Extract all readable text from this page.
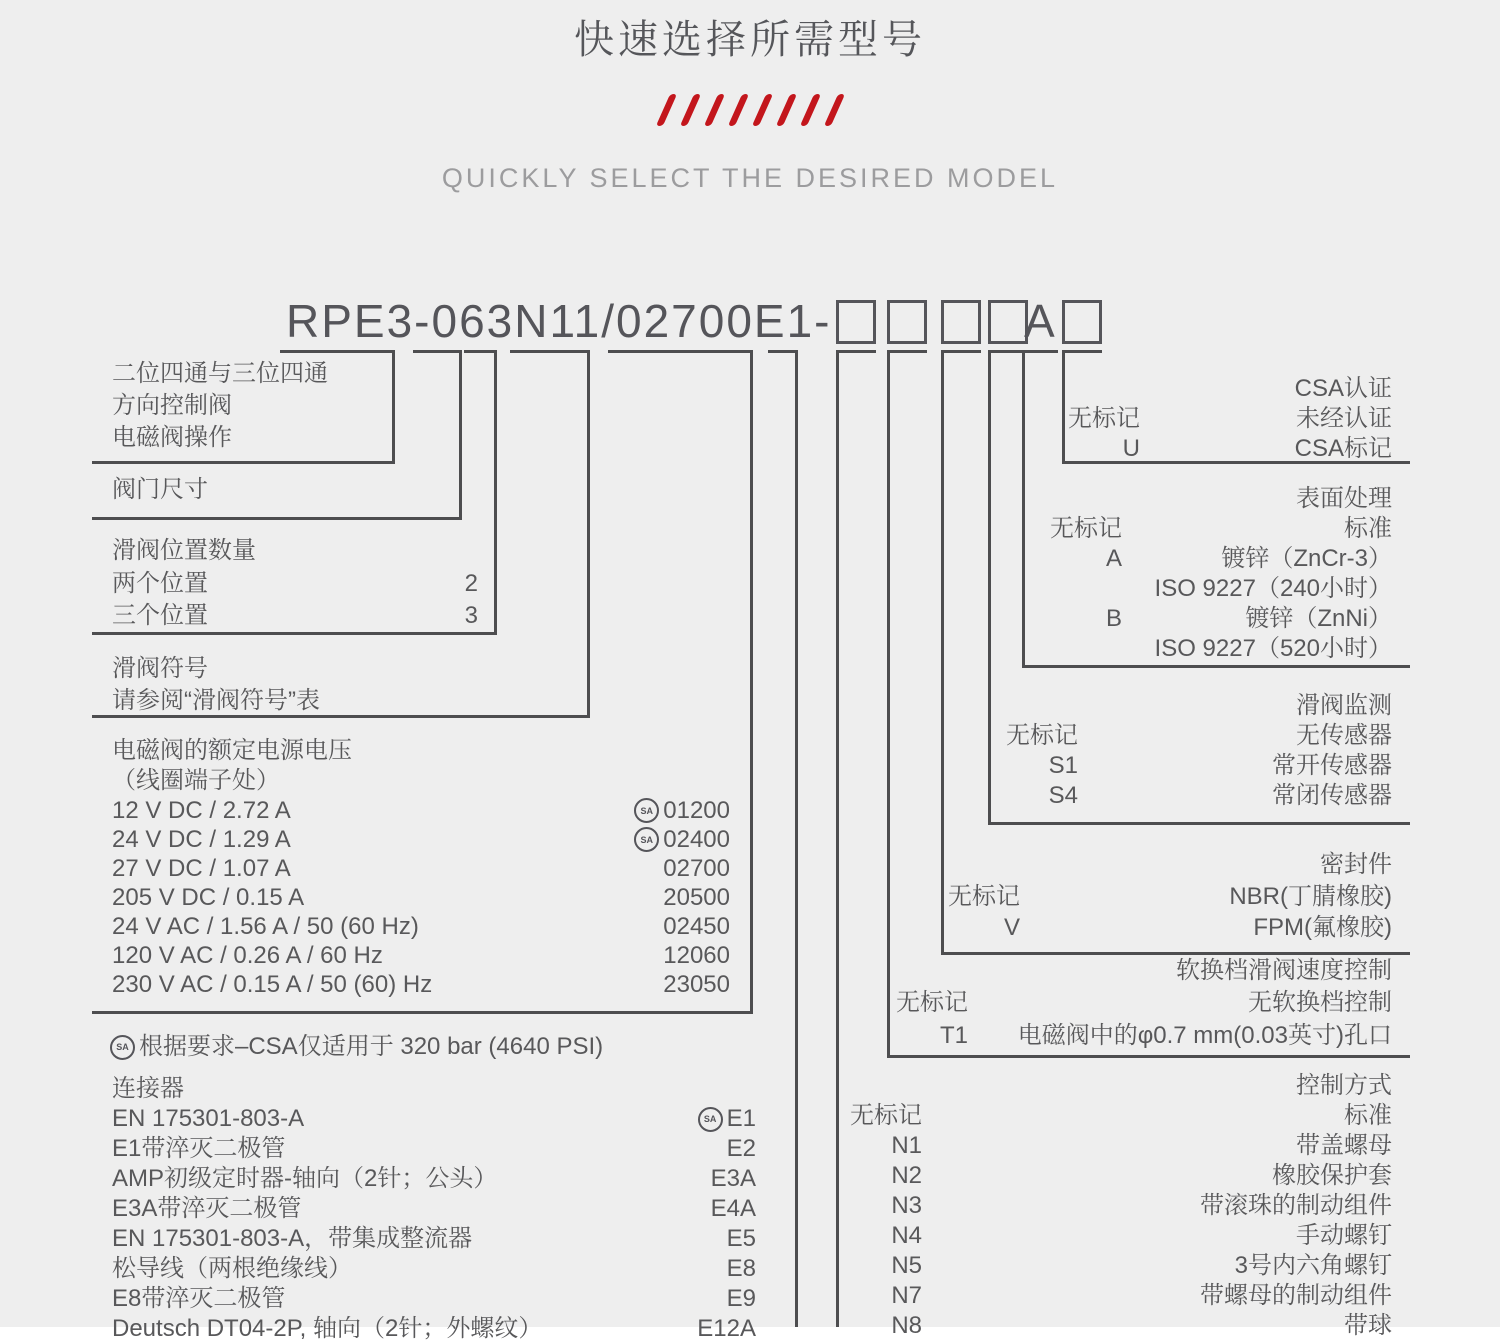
快速选择所需型号
QUICKLY SELECT THE DESIRED MODEL
RPE3-063N11/02700E1-	A
二位四通与三位四通
方向控制阀
电磁阀操作
阀门尺寸
滑阀位置数量
两个位置	2
三个位置	3
滑阀符号
请参阅“滑阀符号”表
电磁阀的额定电源电压
（线圈端子处）
12 V DC / 2.72 A	SA 01200
24 V DC / 1.29 A	SA 02400
27 V DC / 1.07 A	02700
205 V DC / 0.15 A	20500
24 V AC / 1.56 A / 50 (60 Hz)	02450
120 V AC / 0.26 A / 60 Hz	12060
230 V AC / 0.15 A / 50 (60) Hz	23050
SA 根据要求–CSA仅适用于 320 bar (4640 PSI)
连接器
EN 175301-803-A	SA E1
E1带淬灭二极管	E2
AMP初级定时器-轴向（2针；公头）	E3A
E3A带淬灭二极管	E4A
EN 175301-803-A，带集成整流器	E5
松导线（两根绝缘线）	E8
E8带淬灭二极管	E9
Deutsch DT04-2P, 轴向（2针；外螺纹）	E12A
CSA认证
无标记	未经认证
U	CSA标记
表面处理
无标记	标准
A	镀锌（ZnCr-3）
ISO 9227（240小时）
B	镀锌（ZnNi）
ISO 9227（520小时）
滑阀监测
无标记	无传感器
S1	常开传感器
S4	常闭传感器
密封件
无标记	NBR(丁腈橡胶)
V	FPM(氟橡胶)
软换档滑阀速度控制
无标记	无软换档控制
T1	电磁阀中的φ0.7 mm(0.03英寸)孔口
控制方式
无标记	标准
N1	带盖螺母
N2	橡胶保护套
N3	带滚珠的制动组件
N4	手动螺钉
N5	3号内六角螺钉
N7	带螺母的制动组件
N8	带球
